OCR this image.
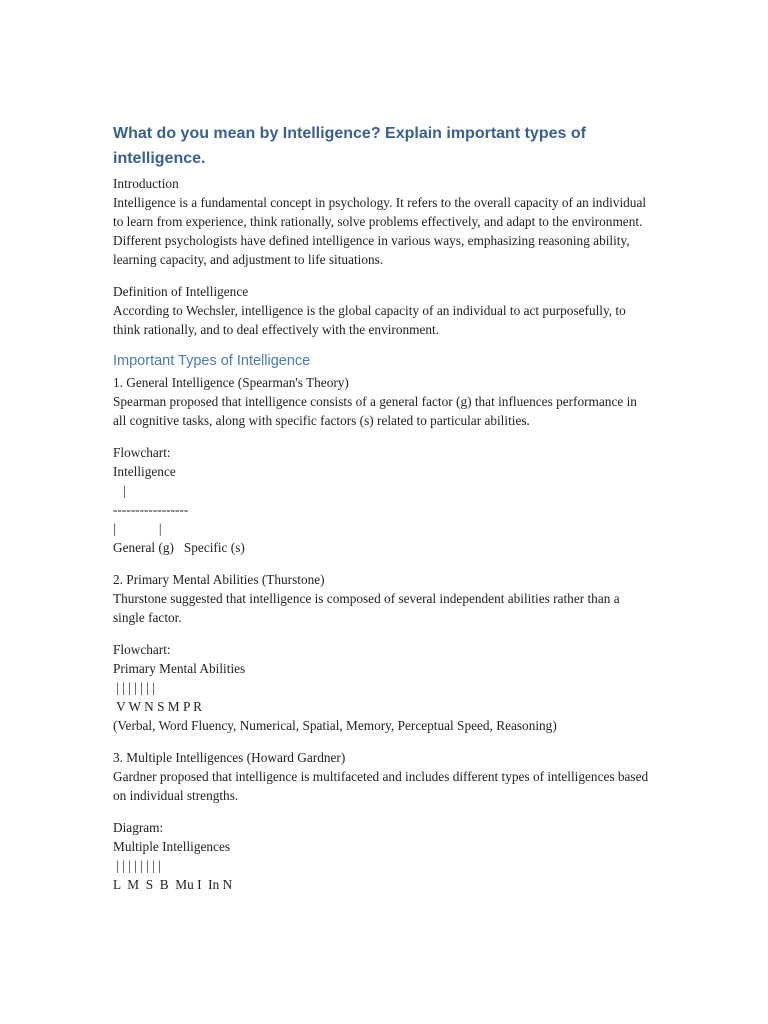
What do you mean by Intelligence? Explain important types of intelligence.
Introduction
Intelligence is a fundamental concept in psychology. It refers to the overall capacity of an individual to learn from experience, think rationally, solve problems effectively, and adapt to the environment. Different psychologists have defined intelligence in various ways, emphasizing reasoning ability, learning capacity, and adjustment to life situations.
Definition of Intelligence
According to Wechsler, intelligence is the global capacity of an individual to act purposefully, to think rationally, and to deal effectively with the environment.
Important Types of Intelligence
1. General Intelligence (Spearman's Theory)
Spearman proposed that intelligence consists of a general factor (g) that influences performance in all cognitive tasks, along with specific factors (s) related to particular abilities.
Flowchart:
Intelligence
|
-----------------
|             |
General (g)   Specific (s)
2. Primary Mental Abilities (Thurstone)
Thurstone suggested that intelligence is composed of several independent abilities rather than a single factor.
Flowchart:
Primary Mental Abilities
| | | | | | |
V W N S M P R
(Verbal, Word Fluency, Numerical, Spatial, Memory, Perceptual Speed, Reasoning)
3. Multiple Intelligences (Howard Gardner)
Gardner proposed that intelligence is multifaceted and includes different types of intelligences based on individual strengths.
Diagram:
Multiple Intelligences
| | | | | | | |
L  M  S  B  Mu I  In N
